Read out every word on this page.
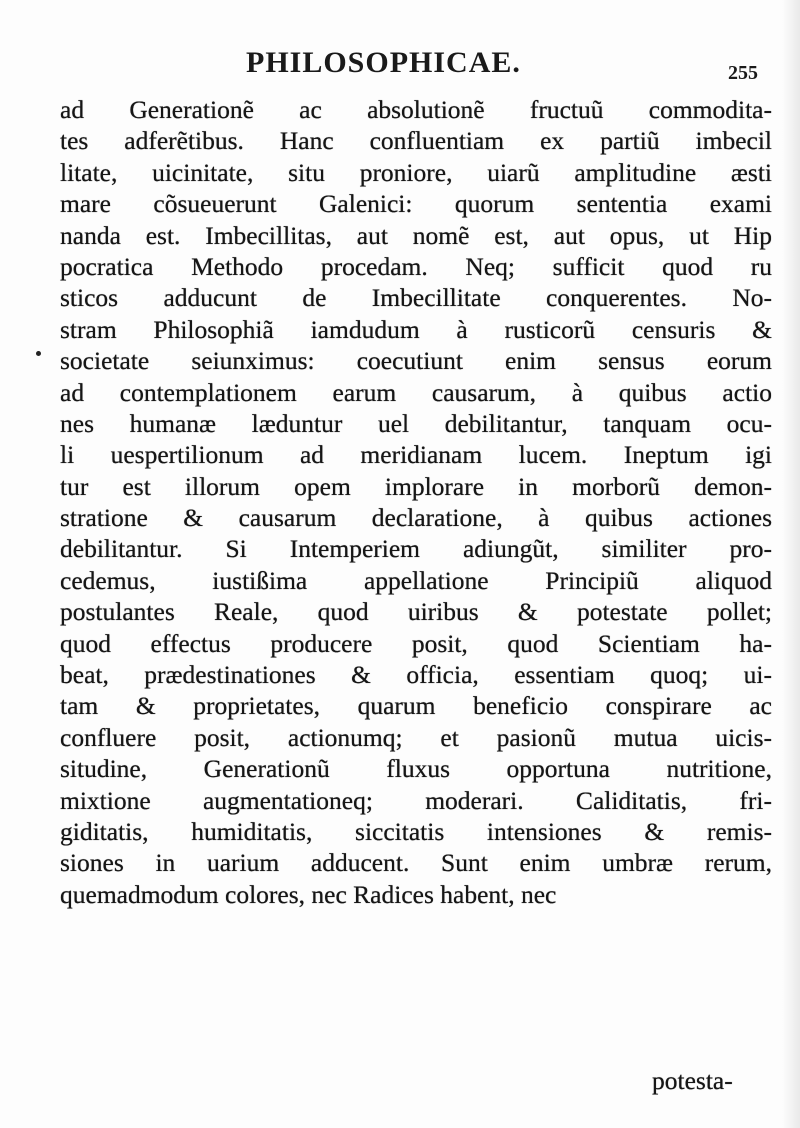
PHILOSOPHICAE.	255
ad Generationẽ ac absolutionẽ fructuũ commodita-
tes adferẽtibus. Hanc confluentiam ex partiũ imbecil
litate, uicinitate, situ proniore, uiarũ amplitudine æsti
mare cõsueuerunt Galenici: quorum sententia exami
nanda est. Imbecillitas, aut nomẽ est, aut opus, ut Hip
pocratica Methodo procedam. Neq; sufficit quod ru
sticos adducunt de Imbecillitate conquerentes. No-
stram Philosophiã iamdudum à rusticorũ censuris &
societate seiunximus: coecutiunt enim sensus eorum
ad contemplationem earum causarum, à quibus actio
nes humanæ læduntur uel debilitantur, tanquam ocu-
li uespertilionum ad meridianam lucem. Ineptum igi
tur est illorum opem implorare in morborũ demon-
stratione & causarum declaratione, à quibus actiones
debilitantur. Si Intemperiem adiungũt, similiter pro-
cedemus, iustißima appellatione Principiũ aliquod
postulantes Reale, quod uiribus & potestate pollet;
quod effectus producere posit, quod Scientiam ha-
beat, prædestinationes & officia, essentiam quoq; ui-
tam & proprietates, quarum beneficio conspirare ac
confluere posit, actionumq; et pasionũ mutua uicis-
situdine, Generationũ fluxus opportuna nutritione,
mixtione augmentationeq; moderari. Caliditatis, fri-
giditatis, humiditatis, siccitatis intensiones & remis-
siones in uarium adducent. Sunt enim umbræ rerum,
quemadmodum colores, nec Radices habent, nec
potesta-
